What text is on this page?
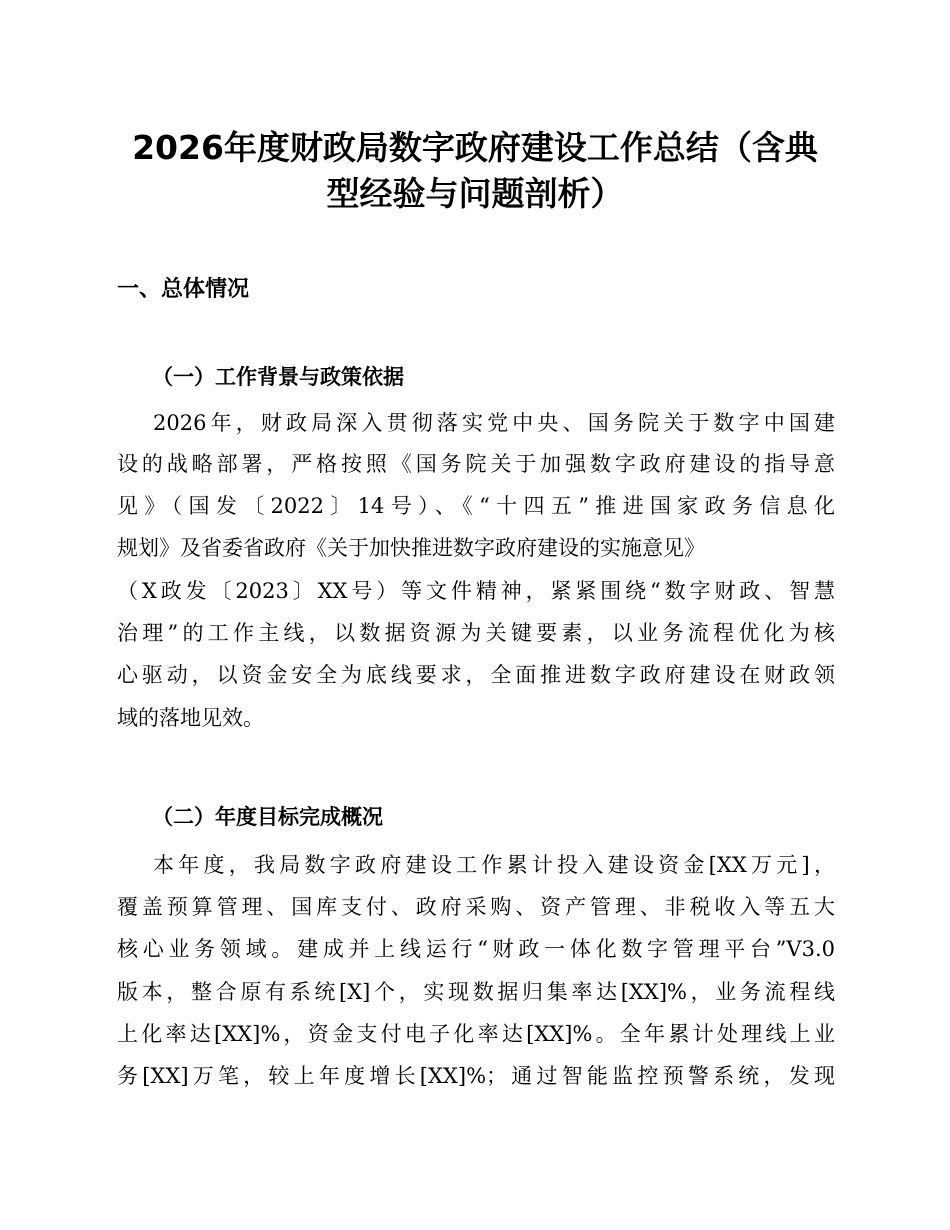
2026年度财政局数字政府建设工作总结（含典
型经验与问题剖析）
一、总体情况
（一）工作背景与政策依据

2026年，财政局深入贯彻落实党中央、国务院关于数字中国建

设的战略部署，严格按照《国务院关于加强数字政府建设的指导意

见》（国发〔2022〕14号）、《“十四五”推进国家政务信息化

规划》及省委省政府《关于加快推进数字政府建设的实施意见》

（X政发〔2023〕XX号）等文件精神，紧紧围绕“数字财政、智慧

治理”的工作主线，以数据资源为关键要素，以业务流程优化为核

心驱动，以资金安全为底线要求，全面推进数字政府建设在财政领

域的落地见效。

（二）年度目标完成概况

本年度，我局数字政府建设工作累计投入建设资金[XX万元]，

覆盖预算管理、国库支付、政府采购、资产管理、非税收入等五大

核心业务领域。建成并上线运行“财政一体化数字管理平台”V3.0

版本，整合原有系统[X]个，实现数据归集率达[XX]%，业务流程线

上化率达[XX]%，资金支付电子化率达[XX]%。全年累计处理线上业

务[XX]万笔，较上年度增长[XX]%；通过智能监控预警系统，发现
